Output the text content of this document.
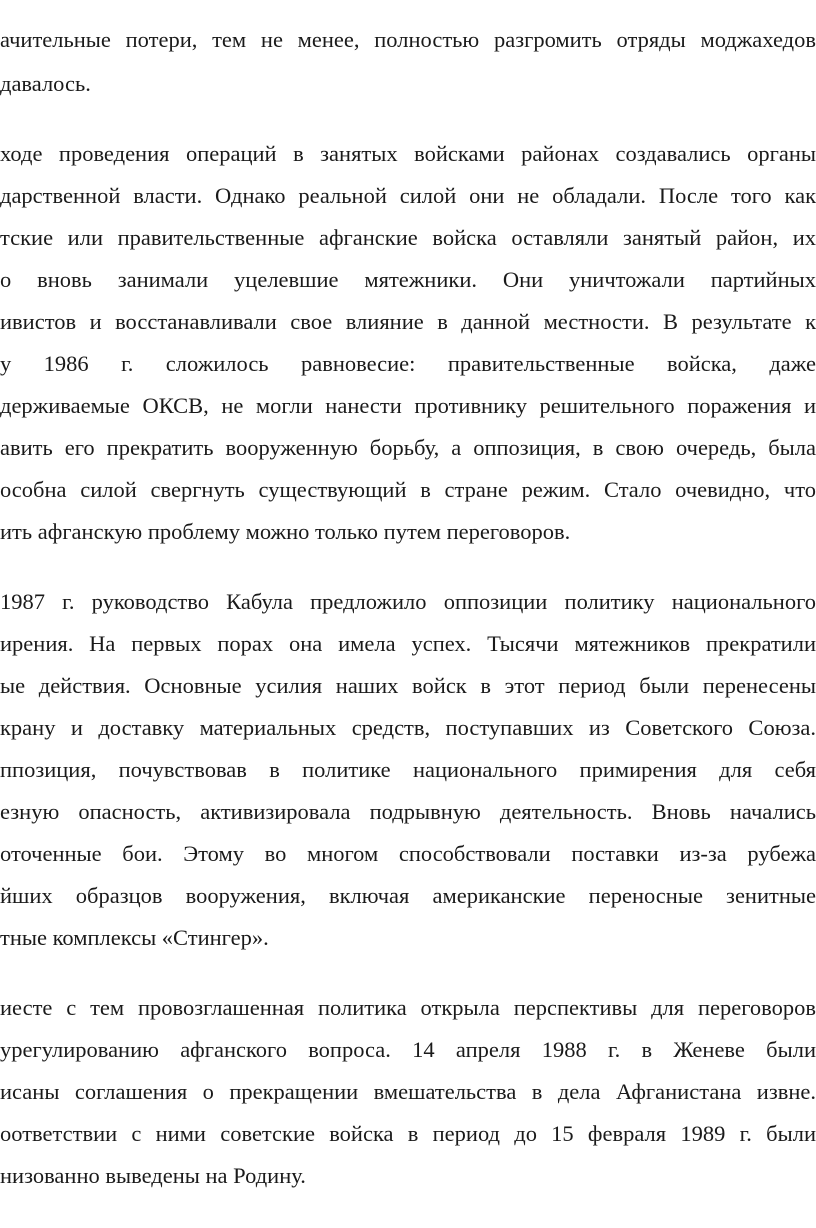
ачительные потери, тем не менее, полностью разгромить отряды моджахедов
давалось.
ходе проведения операций в занятых войсками районах создавались органы
дарственной власти. Однако реальной силой они не обладали. После того как
тские или правительственные афганские войска оставляли занятый район, их
о вновь занимали уцелевшие мятежники. Они уничтожали партийных
ивистов и восстанавливали свое влияние в данной местности. В результате к
у 1986 г. сложилось равновесие: правительственные войска, даже
держиваемые ОКСВ, не могли нанести противнику решительного поражения и
авить его прекратить вооруженную борьбу, а оппозиция, в свою очередь, была
особна силой свергнуть существующий в стране режим. Стало очевидно, что
ить афганскую проблему можно только путем переговоров.
1987 г. руководство Кабула предложило оппозиции политику национального
ирения. На первых порах она имела успех. Тысячи мятежников прекратили
ые действия. Основные усилия наших войск в этот период были перенесены
крану и доставку материальных средств, поступавших из Советского Союза.
ппозиция, почувствовав в политике национального примирения для себя
езную опасность, активизировала подрывную деятельность. Вновь начались
оточенные бои. Этому во многом способствовали поставки из-за рубежа
йших образцов вооружения, включая американские переносные зенитные
тные комплексы «Стингер».
иесте с тем провозглашенная политика открыла перспективы для переговоров
урегулированию афганского вопроса. 14 апреля 1988 г. в Женеве были
исаны соглашения о прекращении вмешательства в дела Афганистана извне.
оответствии с ними советские войска в период до 15 февраля 1989 г. были
низованно выведены на Родину.
